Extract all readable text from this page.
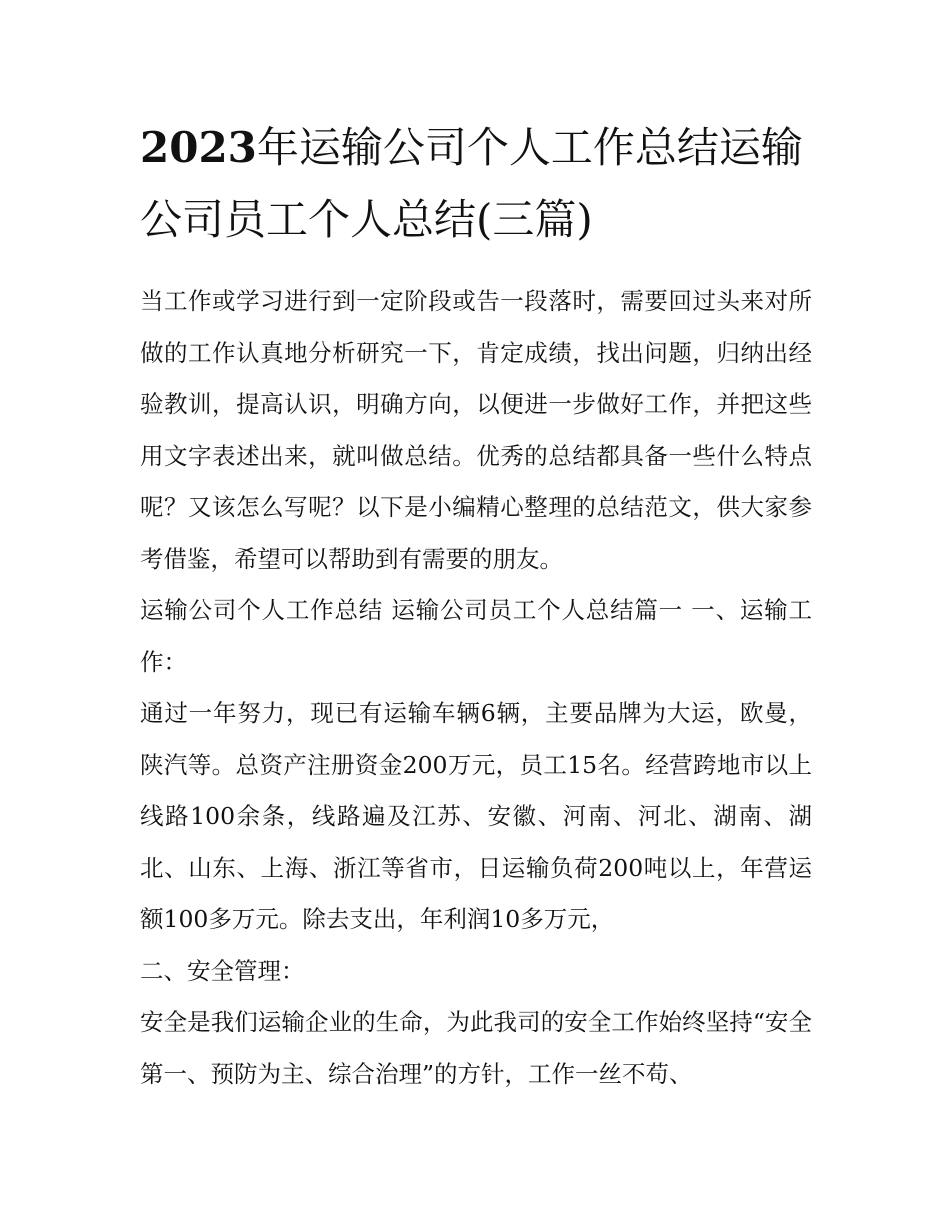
2023年运输公司个人工作总结运输公司员工个人总结(三篇)

当工作或学习进行到一定阶段或告一段落时，需要回过头来对所做的工作认真地分析研究一下，肯定成绩，找出问题，归纳出经验教训，提高认识，明确方向，以便进一步做好工作，并把这些用文字表述出来，就叫做总结。优秀的总结都具备一些什么特点呢？又该怎么写呢？以下是小编精心整理的总结范文，供大家参考借鉴，希望可以帮助到有需要的朋友。

运输公司个人工作总结 运输公司员工个人总结篇一 一、运输工作：

通过一年努力，现已有运输车辆6辆，主要品牌为大运，欧曼，陕汽等。总资产注册资金200万元，员工15名。经营跨地市以上线路100余条，线路遍及江苏、安徽、河南、河北、湖南、湖北、山东、上海、浙江等省市，日运输负荷200吨以上，年营运额100多万元。除去支出，年利润10多万元，

二、安全管理：

安全是我们运输企业的生命，为此我司的安全工作始终坚持“安全第一、预防为主、综合治理”的方针，工作一丝不苟、
